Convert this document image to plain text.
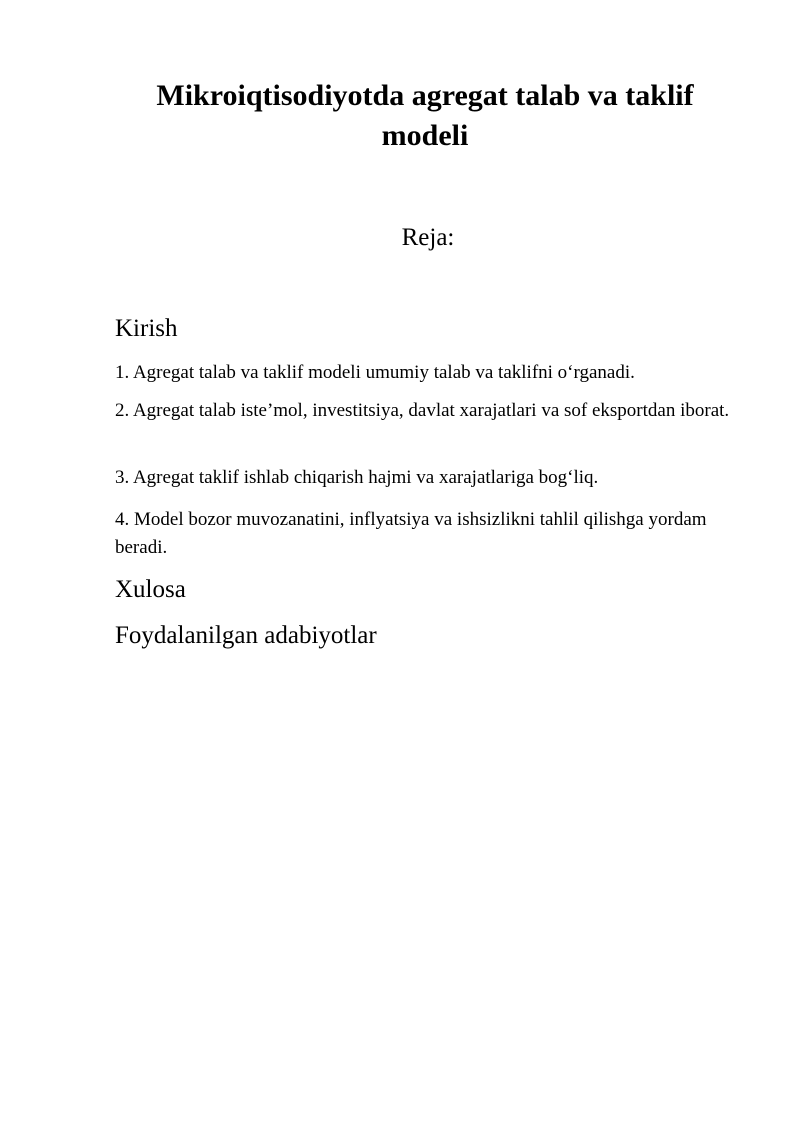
Mikroiqtisodiyotda agregat talab va taklif modeli
Reja:
Kirish

1. Agregat talab va taklif modeli umumiy talab va taklifni o‘rganadi.

2. Agregat talab iste’mol, investitsiya, davlat xarajatlari va sof eksportdan iborat.

3. Agregat taklif ishlab chiqarish hajmi va xarajatlariga bog‘liq.

4. Model bozor muvozanatini, inflyatsiya va ishsizlikni tahlil qilishga yordam beradi.

Xulosa
Foydalanilgan adabiyotlar
